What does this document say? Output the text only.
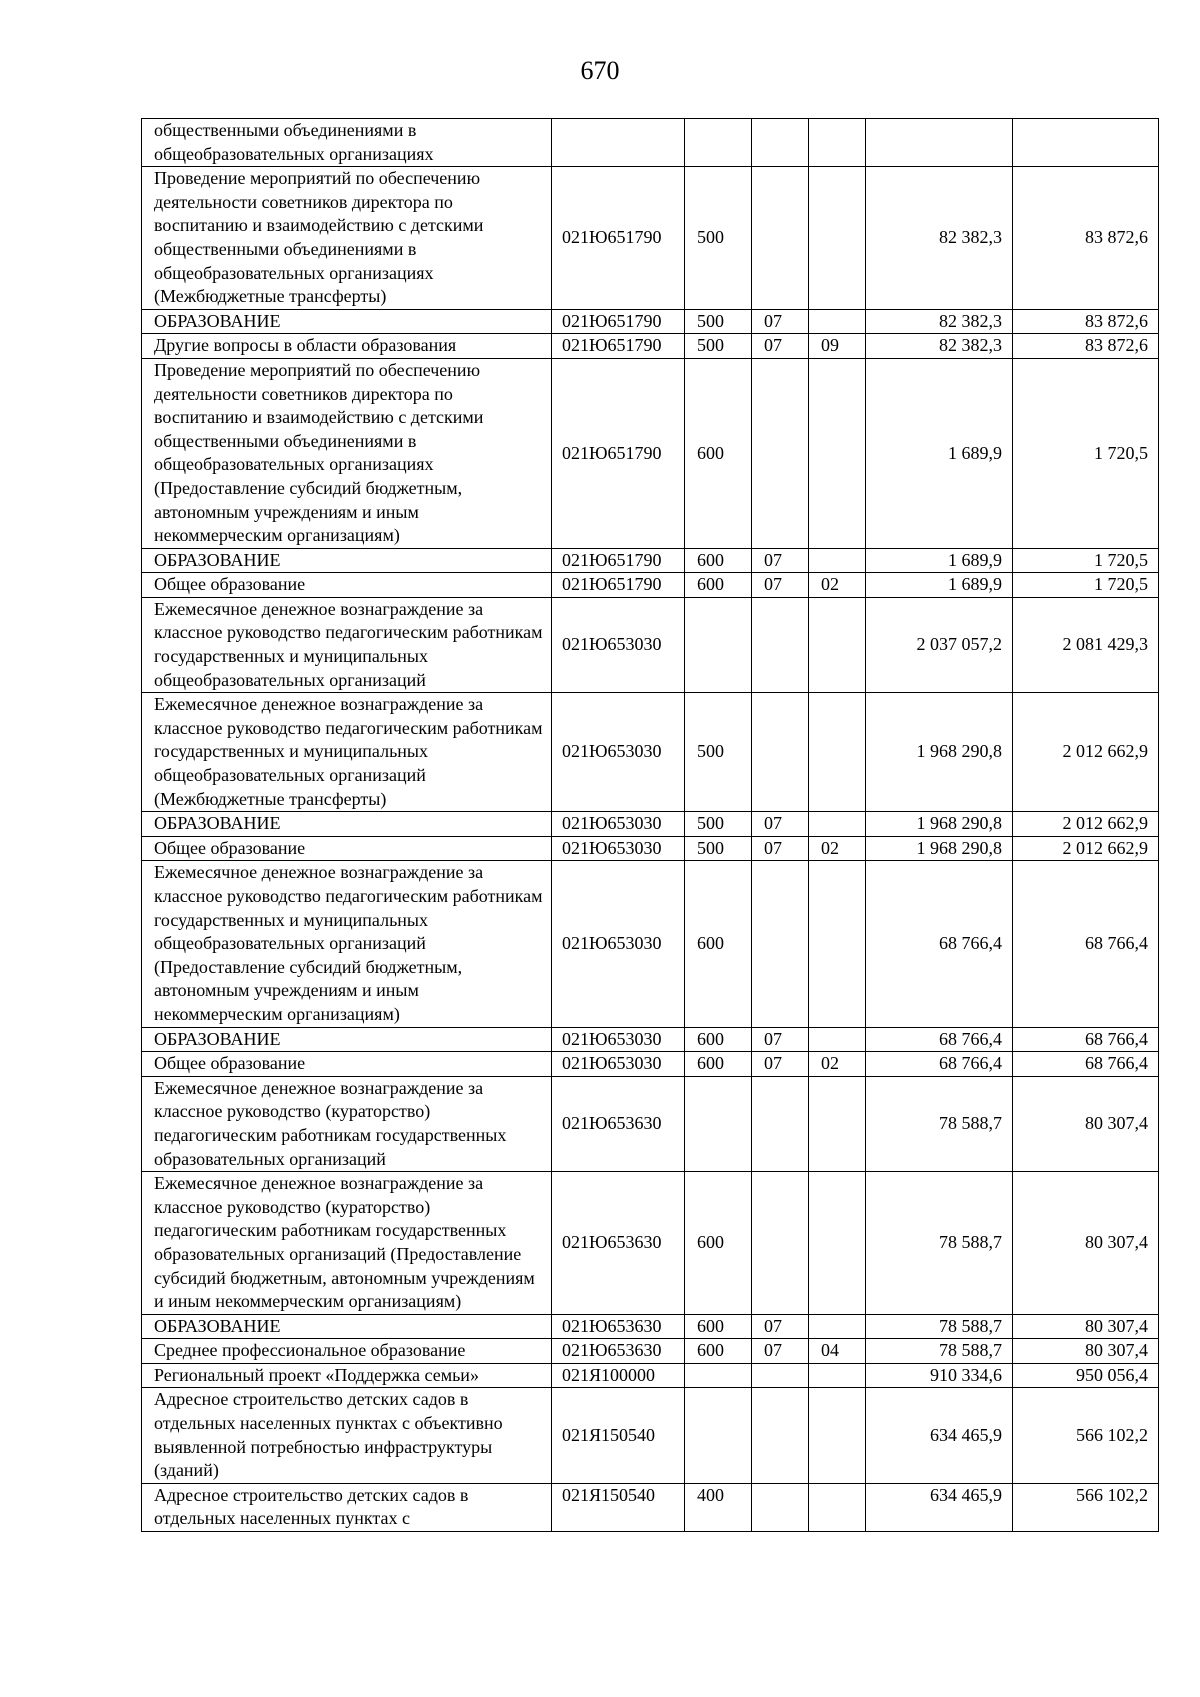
670
общественными объединениями в общеобразовательных организациях						
Проведение мероприятий по обеспечению деятельности советников директора по воспитанию и взаимодействию с детскими общественными объединениями в общеобразовательных организациях (Межбюджетные трансферты)	021Ю651790	500			82 382,3	83 872,6
ОБРАЗОВАНИЕ	021Ю651790	500	07		82 382,3	83 872,6
Другие вопросы в области образования	021Ю651790	500	07	09	82 382,3	83 872,6
Проведение мероприятий по обеспечению деятельности советников директора по воспитанию и взаимодействию с детскими общественными объединениями в общеобразовательных организациях (Предоставление субсидий бюджетным, автономным учреждениям и иным некоммерческим организациям)	021Ю651790	600			1 689,9	1 720,5
ОБРАЗОВАНИЕ	021Ю651790	600	07		1 689,9	1 720,5
Общее образование	021Ю651790	600	07	02	1 689,9	1 720,5
Ежемесячное денежное вознаграждение за классное руководство педагогическим работникам государственных и муниципальных общеобразовательных организаций	021Ю653030				2 037 057,2	2 081 429,3
Ежемесячное денежное вознаграждение за классное руководство педагогическим работникам государственных и муниципальных общеобразовательных организаций (Межбюджетные трансферты)	021Ю653030	500			1 968 290,8	2 012 662,9
ОБРАЗОВАНИЕ	021Ю653030	500	07		1 968 290,8	2 012 662,9
Общее образование	021Ю653030	500	07	02	1 968 290,8	2 012 662,9
Ежемесячное денежное вознаграждение за классное руководство педагогическим работникам государственных и муниципальных общеобразовательных организаций (Предоставление субсидий бюджетным, автономным учреждениям и иным некоммерческим организациям)	021Ю653030	600			68 766,4	68 766,4
ОБРАЗОВАНИЕ	021Ю653030	600	07		68 766,4	68 766,4
Общее образование	021Ю653030	600	07	02	68 766,4	68 766,4
Ежемесячное денежное вознаграждение за классное руководство (кураторство) педагогическим работникам государственных образовательных организаций	021Ю653630				78 588,7	80 307,4
Ежемесячное денежное вознаграждение за классное руководство (кураторство) педагогическим работникам государственных образовательных организаций (Предоставление субсидий бюджетным, автономным учреждениям и иным некоммерческим организациям)	021Ю653630	600			78 588,7	80 307,4
ОБРАЗОВАНИЕ	021Ю653630	600	07		78 588,7	80 307,4
Среднее профессиональное образование	021Ю653630	600	07	04	78 588,7	80 307,4
Региональный проект «Поддержка семьи»	021Я100000				910 334,6	950 056,4
Адресное строительство детских садов в отдельных населенных пунктах с объективно выявленной потребностью инфраструктуры (зданий)	021Я150540				634 465,9	566 102,2
Адресное строительство детских садов в отдельных населенных пунктах с	021Я150540	400			634 465,9	566 102,2
